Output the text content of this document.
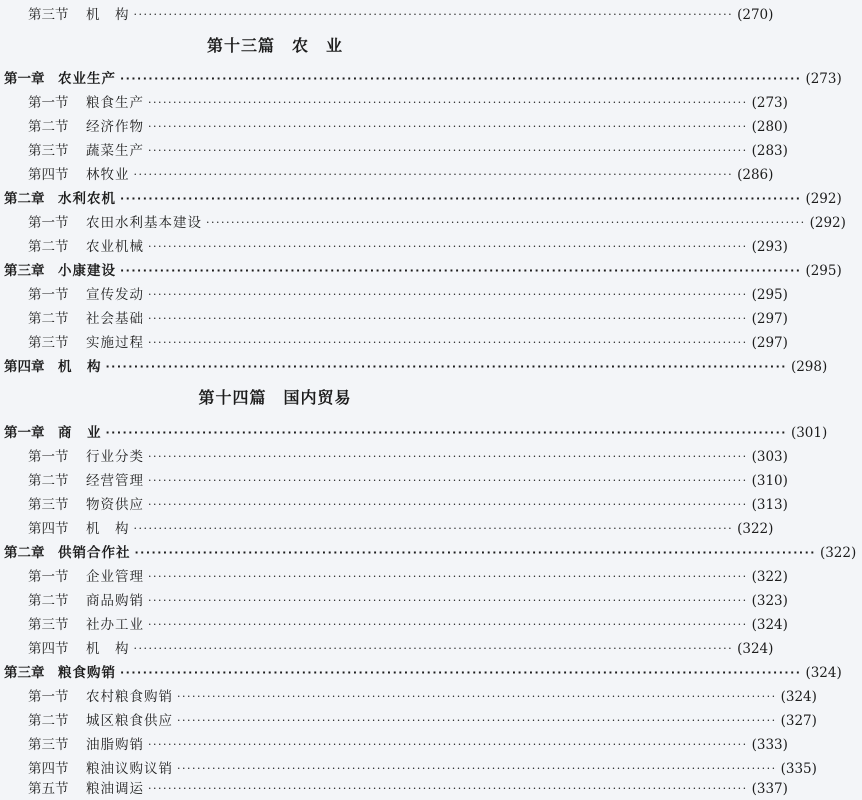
第三节 机　构 ························································································································ (270)
第十三篇　 农　业
第一章 农业生产 ························································································································ (273)
第一节 粮食生产 ························································································································ (273)
第二节 经济作物 ························································································································ (280)
第三节 蔬菜生产 ························································································································ (283)
第四节 林牧业 ························································································································ (286)
第二章 水利农机 ························································································································ (292)
第一节 农田水利基本建设 ························································································································ (292)
第二节 农业机械 ························································································································ (293)
第三章 小康建设 ························································································································ (295)
第一节 宣传发动 ························································································································ (295)
第二节 社会基础 ························································································································ (297)
第三节 实施过程 ························································································································ (297)
第四章 机　构 ························································································································ (298)
第十四篇　 国内贸易
第一章 商　业 ························································································································ (301)
第一节 行业分类 ························································································································ (303)
第二节 经营管理 ························································································································ (310)
第三节 物资供应 ························································································································ (313)
第四节 机　构 ························································································································ (322)
第二章 供销合作社 ························································································································ (322)
第一节 企业管理 ························································································································ (322)
第二节 商品购销 ························································································································ (323)
第三节 社办工业 ························································································································ (324)
第四节 机　构 ························································································································ (324)
第三章 粮食购销 ························································································································ (324)
第一节 农村粮食购销 ························································································································ (324)
第二节 城区粮食供应 ························································································································ (327)
第三节 油脂购销 ························································································································ (333)
第四节 粮油议购议销 ························································································································ (335)
第五节 粮油调运 ························································································································ (337)
